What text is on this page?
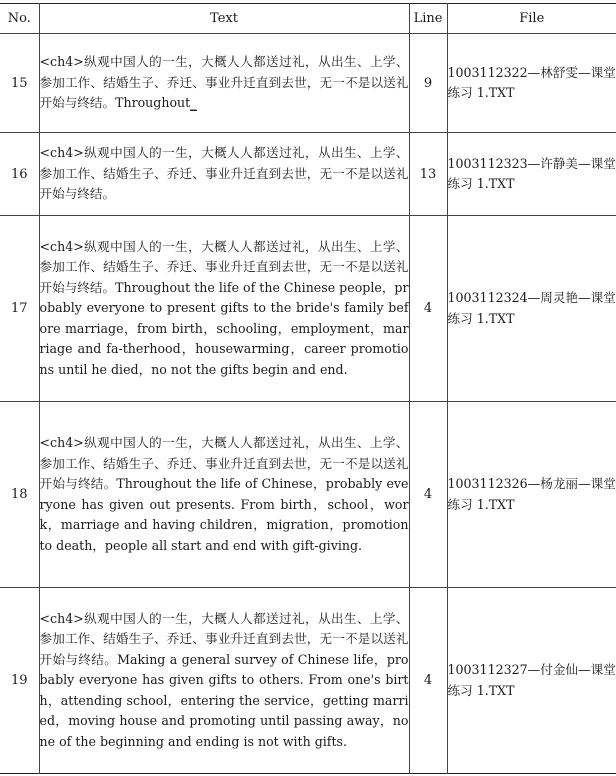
No.	Text	Line	File
15	<ch4>纵观中国人的一生，大概人人都送过礼，从出生、上学、参加工作、结婚生子、乔迁、事业升迁直到去世，无一不是以送礼开始与终结。Throughout_	9	1003112322—林舒雯—课堂练习 1.TXT
16	<ch4>纵观中国人的一生，大概人人都送过礼，从出生、上学、参加工作、结婚生子、乔迁、事业升迁直到去世，无一不是以送礼开始与终结。	13	1003112323—许静美—课堂练习 1.TXT
17	<ch4>纵观中国人的一生，大概人人都送过礼，从出生、上学、参加工作、结婚生子、乔迁、事业升迁直到去世，无一不是以送礼开始与终结。Throughout the life of the Chinese people，probably everyone to present gifts to the bride's family before marriage，from birth，schooling，employment，marriage and fa-therhood，housewarming，career promotions until he died，no not the gifts begin and end.	4	1003112324—周灵艳—课堂练习 1.TXT
18	<ch4>纵观中国人的一生，大概人人都送过礼，从出生、上学、参加工作、结婚生子、乔迁、事业升迁直到去世，无一不是以送礼开始与终结。Throughout the life of Chinese，probably everyone has given out presents. From birth，school，work，marriage and having children，migration，promotion to death，people all start and end with gift-giving.	4	1003112326—杨龙丽—课堂练习 1.TXT
19	<ch4>纵观中国人的一生，大概人人都送过礼，从出生、上学、参加工作、结婚生子、乔迁、事业升迁直到去世，无一不是以送礼开始与终结。Making a general survey of Chinese life，probably everyone has given gifts to others. From one's birth，attending school，entering the service，getting married，moving house and promoting until passing away，none of the beginning and ending is not with gifts.	4	1003112327—付金仙—课堂练习 1.TXT
